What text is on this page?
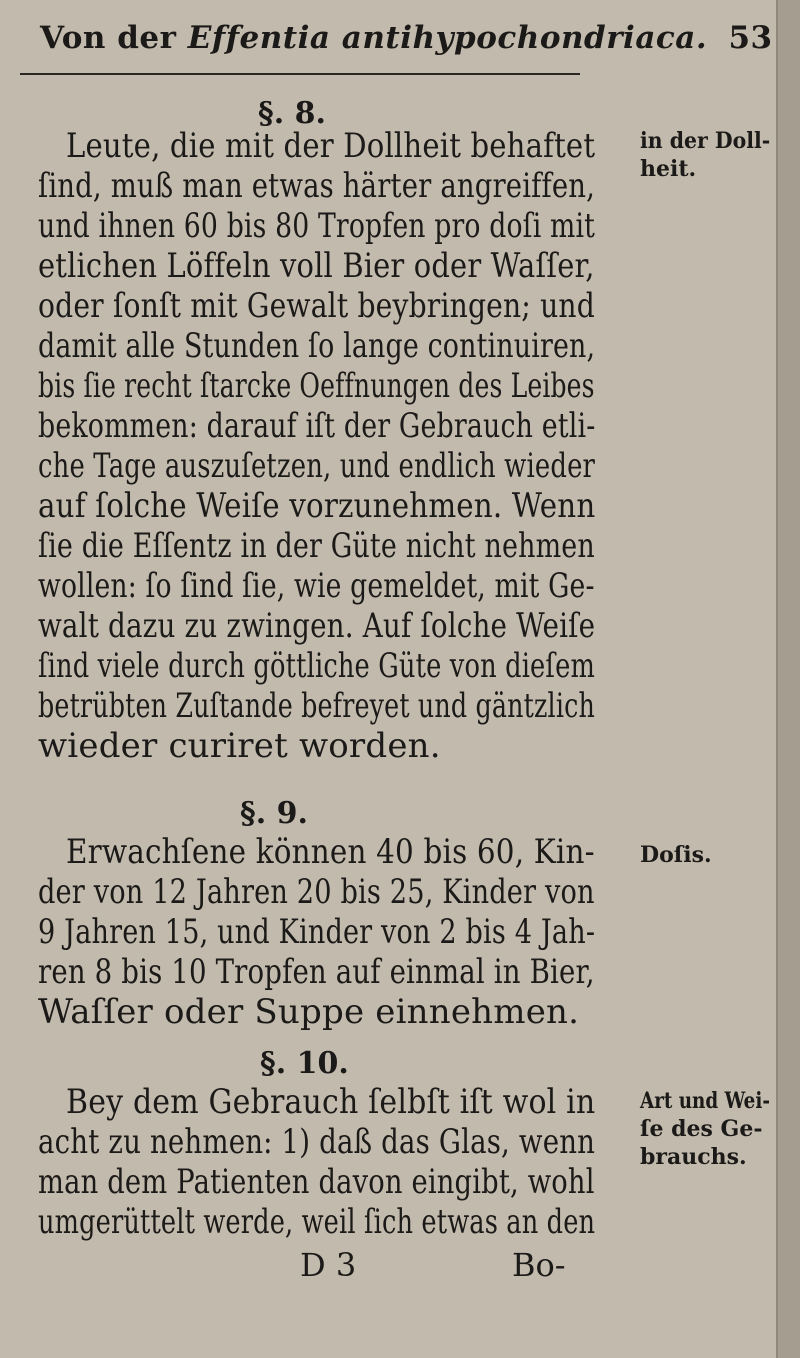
Von der Effentia antihypochondriaca. 53
§. 8.
Leute, die mit der Dollheit behaftet
ſind, muß man etwas härter angreiffen,
und ihnen 60 bis 80 Tropfen pro doſi mit
etlichen Löffeln voll Bier oder Waſſer,
oder ſonſt mit Gewalt beybringen; und
damit alle Stunden ſo lange continuiren,
bis ſie recht ſtarcke Oeffnungen des Leibes
bekommen: darauf iſt der Gebrauch etli-
che Tage auszuſetzen, und endlich wieder
auf ſolche Weiſe vorzunehmen. Wenn
ſie die Eſſentz in der Güte nicht nehmen
wollen: ſo ſind ſie, wie gemeldet, mit Ge-
walt dazu zu zwingen. Auf ſolche Weiſe
ſind viele durch göttliche Güte von dieſem
betrübten Zuſtande befreyet und gäntzlich
wieder curiret worden.
in der Doll-
heit.
§. 9.
Erwachſene können 40 bis 60, Kin-
der von 12 Jahren 20 bis 25, Kinder von
9 Jahren 15, und Kinder von 2 bis 4 Jah-
ren 8 bis 10 Tropfen auf einmal in Bier,
Waſſer oder Suppe einnehmen.
Doſis.
§. 10.
Bey dem Gebrauch ſelbſt iſt wol in
acht zu nehmen: 1) daß das Glas, wenn
man dem Patienten davon eingibt, wohl
umgerüttelt werde, weil ſich etwas an den
Art und Wei-
ſe des Ge-
brauchs.
D 3	Bo-
